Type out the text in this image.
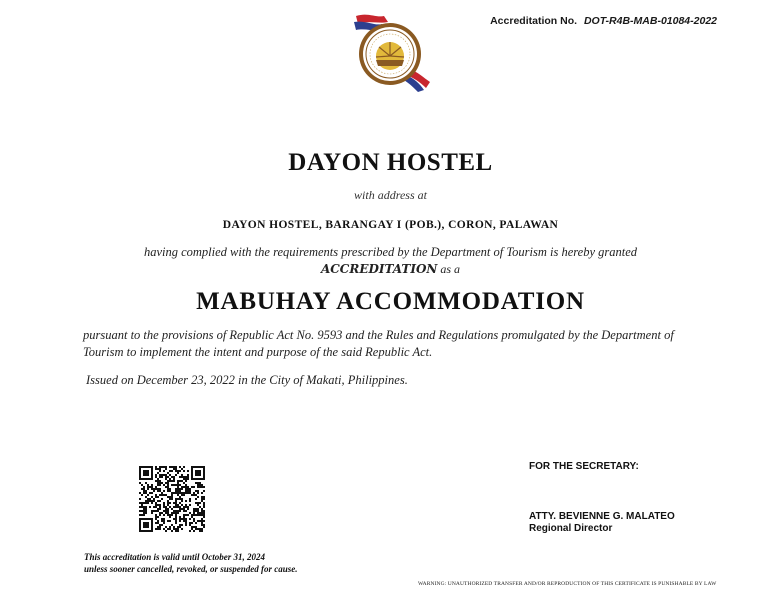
Accreditation No. DOT-R4B-MAB-01084-2022
DAYON HOSTEL
with address at
DAYON HOSTEL, BARANGAY I (POB.), CORON, PALAWAN
having complied with the requirements prescribed by the Department of Tourism is hereby granted
ACCREDITATION as a
MABUHAY ACCOMMODATION
pursuant to the provisions of Republic Act No. 9593 and the Rules and Regulations promulgated by the Department of Tourism to implement the intent and purpose of the said Republic Act.
Issued on December 23, 2022 in the City of Makati, Philippines.
FOR THE SECRETARY:
ATTY. BEVIENNE G. MALATEO
Regional Director
This accreditation is valid until October 31, 2024
unless sooner cancelled, revoked, or suspended for cause.
WARNING: UNAUTHORIZED TRANSFER AND/OR REPRODUCTION OF THIS CERTIFICATE IS PUNISHABLE BY LAW
